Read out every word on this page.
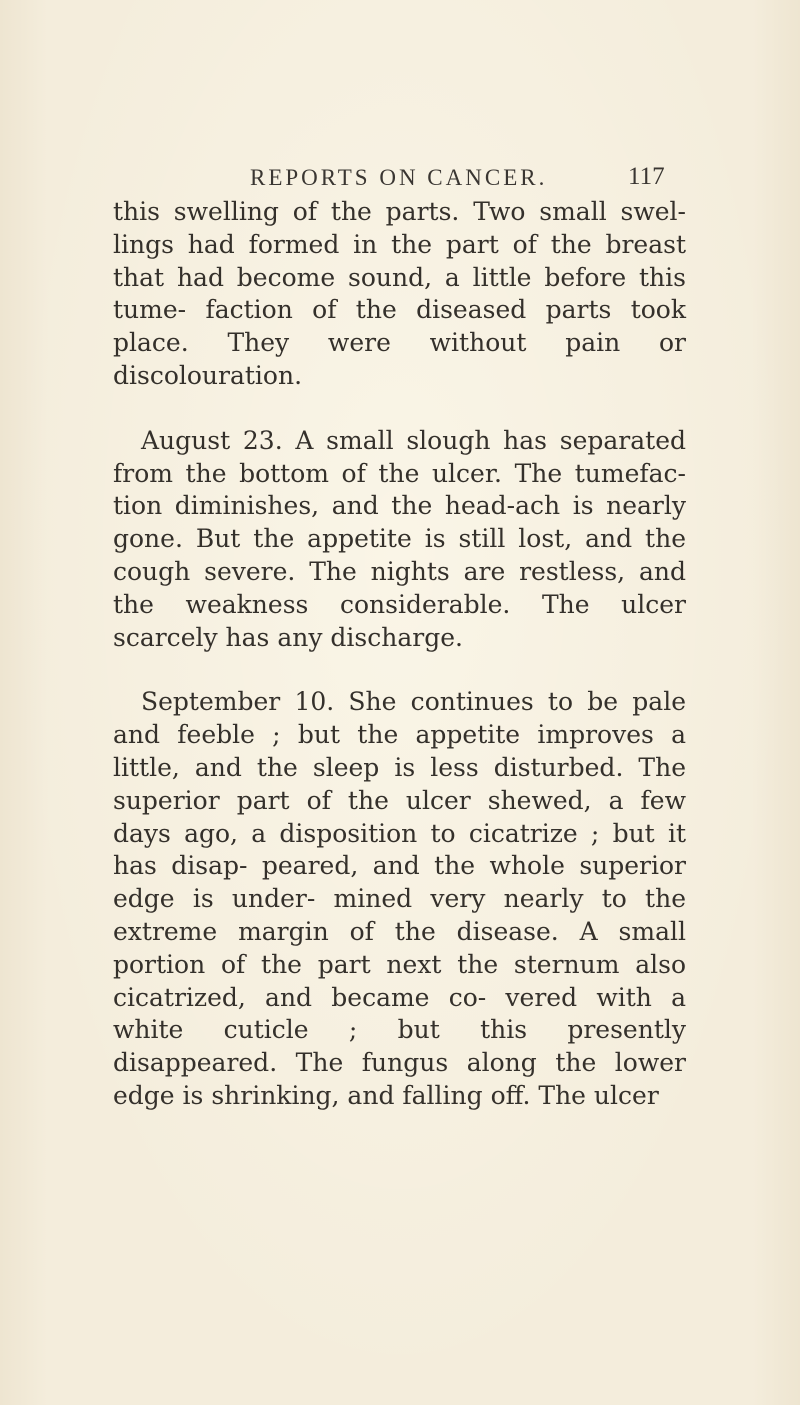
REPORTS ON CANCER.	117

this swelling of the parts. Two small swel- lings had formed in the part of the breast that had become sound, a little before this tume- faction of the diseased parts took place. They were without pain or discolouration.

August 23. A small slough has separated from the bottom of the ulcer. The tumefac- tion diminishes, and the head-ach is nearly gone. But the appetite is still lost, and the cough severe. The nights are restless, and the weakness considerable. The ulcer scarcely has any discharge.

September 10. She continues to be pale and feeble ; but the appetite improves a little, and the sleep is less disturbed. The superior part of the ulcer shewed, a few days ago, a disposition to cicatrize ; but it has disap- peared, and the whole superior edge is under- mined very nearly to the extreme margin of the disease. A small portion of the part next the sternum also cicatrized, and became co- vered with a white cuticle ; but this presently disappeared. The fungus along the lower edge is shrinking, and falling off. The ulcer
